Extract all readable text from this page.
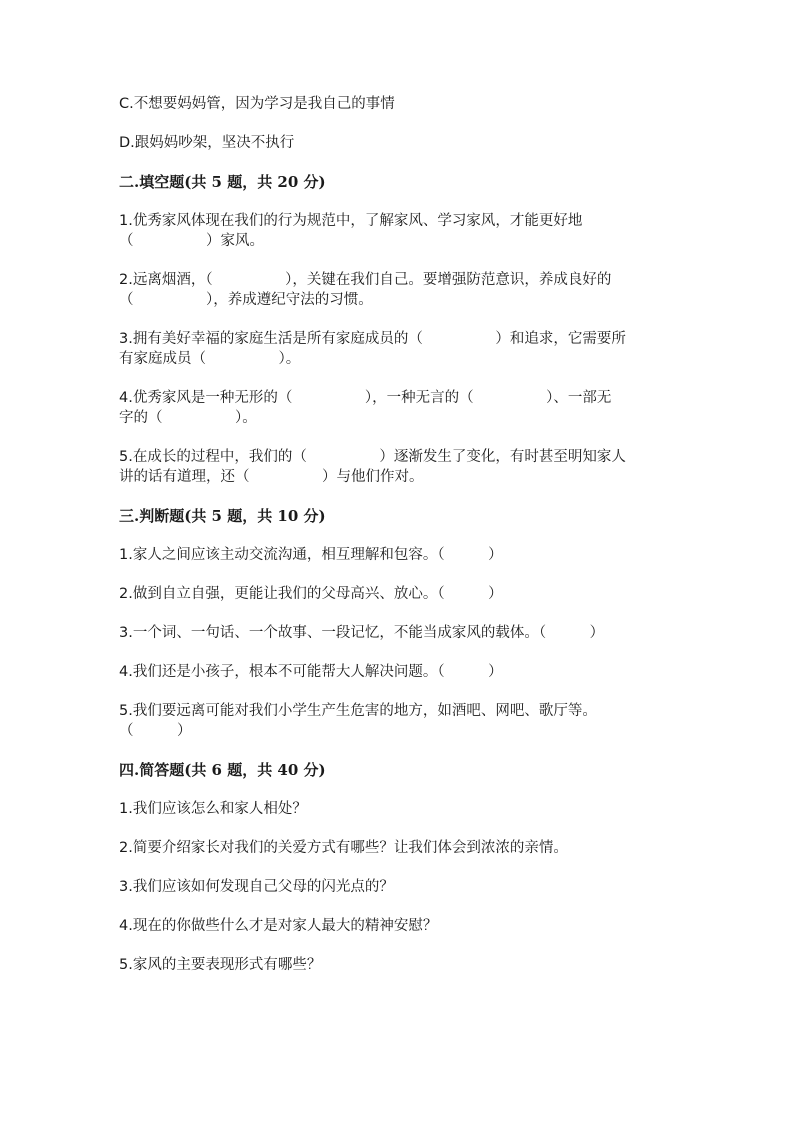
C.不想要妈妈管，因为学习是我自己的事情

D.跟妈妈吵架，坚决不执行

二.填空题(共 5 题，共 20 分)

1.优秀家风体现在我们的行为规范中，了解家风、学习家风，才能更好地

（　　　　　）家风。

2.远离烟酒，（　　　　　），关键在我们自己。要增强防范意识，养成良好的

（　　　　　），养成遵纪守法的习惯。

3.拥有美好幸福的家庭生活是所有家庭成员的（　　　　　）和追求，它需要所

有家庭成员（　　　　　）。

4.优秀家风是一种无形的（　　　　　），一种无言的（　　　　　）、一部无

字的（　　　　　）。

5.在成长的过程中，我们的（　　　　　）逐渐发生了变化，有时甚至明知家人

讲的话有道理，还（　　　　　）与他们作对。

三.判断题(共 5 题，共 10 分)

1.家人之间应该主动交流沟通，相互理解和包容。（　　　）

2.做到自立自强，更能让我们的父母高兴、放心。（　　　）

3.一个词、一句话、一个故事、一段记忆，不能当成家风的载体。（　　　）

4.我们还是小孩子，根本不可能帮大人解决问题。（　　　）

5.我们要远离可能对我们小学生产生危害的地方，如酒吧、网吧、歌厅等。

（　　　）

四.简答题(共 6 题，共 40 分)

1.我们应该怎么和家人相处？

2.简要介绍家长对我们的关爱方式有哪些？让我们体会到浓浓的亲情。

3.我们应该如何发现自己父母的闪光点的？

4.现在的你做些什么才是对家人最大的精神安慰？

5.家风的主要表现形式有哪些？
